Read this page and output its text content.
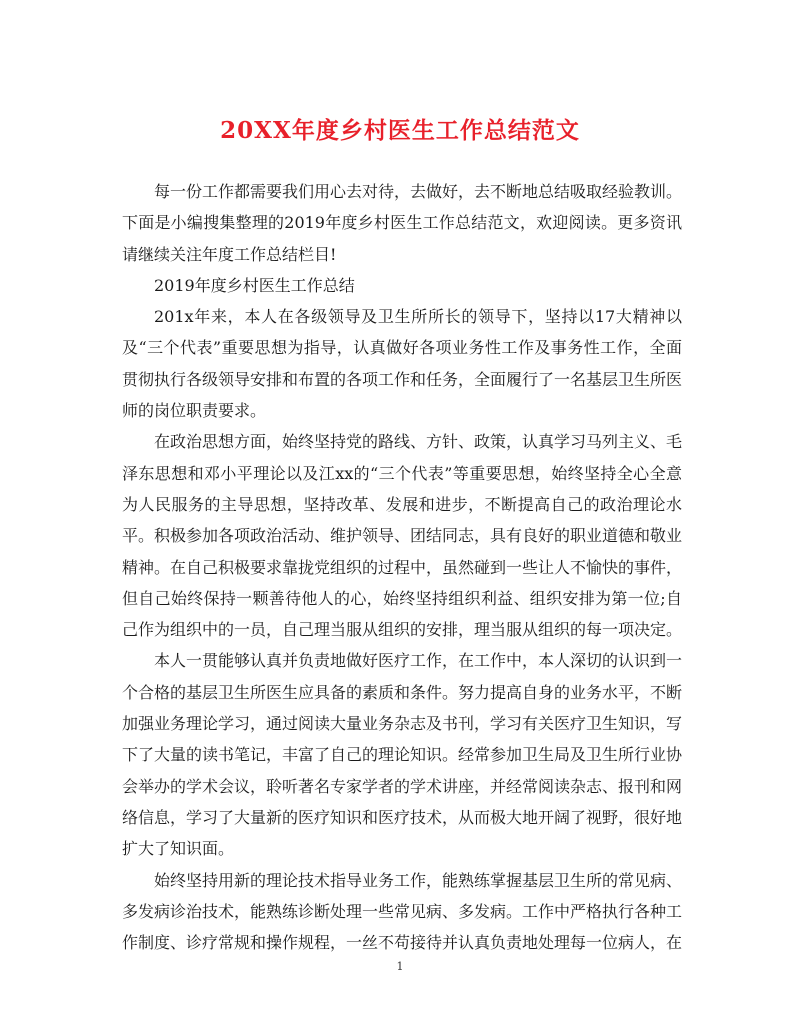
20XX年度乡村医生工作总结范文

每一份工作都需要我们用心去对待，去做好，去不断地总结吸取经验教训。下面是小编搜集整理的2019年度乡村医生工作总结范文，欢迎阅读。更多资讯请继续关注年度工作总结栏目!

2019年度乡村医生工作总结

201x年来，本人在各级领导及卫生所所长的领导下，坚持以17大精神以及“三个代表”重要思想为指导，认真做好各项业务性工作及事务性工作，全面贯彻执行各级领导安排和布置的各项工作和任务，全面履行了一名基层卫生所医师的岗位职责要求。

在政治思想方面，始终坚持党的路线、方针、政策，认真学习马列主义、毛泽东思想和邓小平理论以及江xx的“三个代表”等重要思想，始终坚持全心全意为人民服务的主导思想，坚持改革、发展和进步，不断提高自己的政治理论水平。积极参加各项政治活动、维护领导、团结同志，具有良好的职业道德和敬业精神。在自己积极要求靠拢党组织的过程中，虽然碰到一些让人不愉快的事件，但自己始终保持一颗善待他人的心，始终坚持组织利益、组织安排为第一位;自己作为组织中的一员，自己理当服从组织的安排，理当服从组织的每一项决定。

本人一贯能够认真并负责地做好医疗工作，在工作中，本人深切的认识到一个合格的基层卫生所医生应具备的素质和条件。努力提高自身的业务水平，不断加强业务理论学习，通过阅读大量业务杂志及书刊，学习有关医疗卫生知识，写下了大量的读书笔记，丰富了自己的理论知识。经常参加卫生局及卫生所行业协会举办的学术会议，聆听著名专家学者的学术讲座，并经常阅读杂志、报刊和网络信息，学习了大量新的医疗知识和医疗技术，从而极大地开阔了视野，很好地扩大了知识面。

始终坚持用新的理论技术指导业务工作，能熟练掌握基层卫生所的常见病、多发病诊治技术，能熟练诊断处理一些常见病、多发病。工作中严格执行各种工作制度、诊疗常规和操作规程，一丝不苟接待并认真负责地处理每一位病人，在

1
